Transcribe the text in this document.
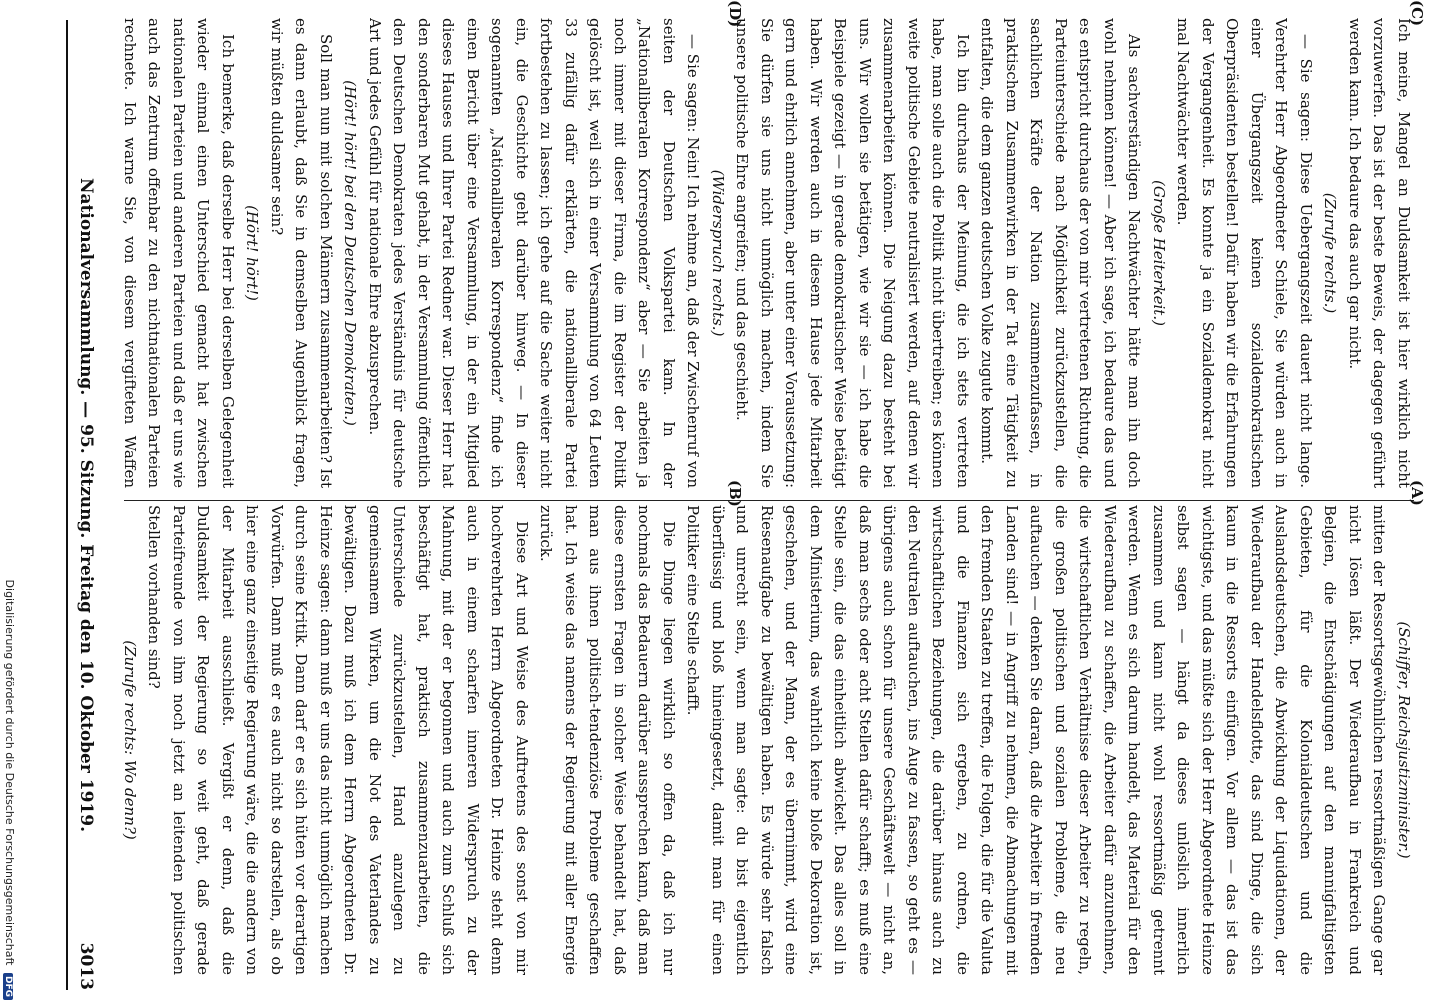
Nationalversammlung. — 95. Sitzung. Freitag den 10. Oktober 1919.
3013
(A)
(B)
(C)
(D)

(Schiffer, Reichsjustizminister.)

mitten der Ressortsgewöhnlichen ressortmäßigen Gange gar nicht lösen läßt. Der Wiederaufbau in Frankreich und Belgien, die Entschädigungen auf den mannigfaltigsten Gebieten, für die Kolonialdeutschen und die Auslandsdeutschen, die Abwicklung der Liquidationen, der Wiederaufbau der Handelsflotte, das sind Dinge, die sich kaum in die Ressorts einfügen. Vor allem — das ist das wichtigste, und das müßte sich der Herr Abgeordnete Heinze selbst sagen — hängt da dieses unlöslich innerlich zusammen und kann nicht wohl ressortmäßig getrennt werden. Wenn es sich darum handelt, das Material für den Wiederaufbau zu schaffen, die Arbeiter dafür anzunehmen, die wirtschaftlichen Verhältnisse dieser Arbeiter zu regeln, die großen politischen und sozialen Probleme, die neu auftauchen — denken Sie daran, daß die Arbeiter in fremden Landen sind! — in Angriff zu nehmen, die Abmachungen mit den fremden Staaten zu treffen, die Folgen, die für die Valuta und die Finanzen sich ergeben, zu ordnen, die wirtschaftlichen Beziehungen, die darüber hinaus auch zu den Neutralen auftauchen, ins Auge zu fassen, so geht es — übrigens auch schon für unsere Geschäftswelt — nicht an, daß man sechs oder acht Stellen dafür schafft; es muß eine Stelle sein, die das einheitlich abwickelt. Das alles soll in dem Ministerium, das wahrlich keine bloße Dekoration ist, geschehen, und der Mann, der es übernimmt, wird eine Riesenaufgabe zu bewältigen haben. Es würde sehr falsch und unrecht sein, wenn man sagte: du bist eigentlich überflüssig und bloß hineingesetzt, damit man für einen Politiker eine Stelle schafft.

Die Dinge liegen wirklich so offen da, daß ich nur nochmals das Bedauern darüber aussprechen kann, daß man diese ernsten Fragen in solcher Weise behandelt hat, daß man aus ihnen politisch-tendenziöse Probleme geschaffen hat. Ich weise das namens der Regierung mit aller Energie zurück.

Diese Art und Weise des Auftretens des sonst von mir hochverehrten Herrn Abgeordneten Dr. Heinze steht denn auch in einem scharfen inneren Widerspruch zu der Mahnung, mit der er begonnen und auch zum Schluß sich beschäftigt hat, praktisch zusammenzuarbeiten, die Unterschiede zurückzustellen, Hand anzulegen zu gemeinsamem Wirken, um die Not des Vaterlandes zu bewältigen. Dazu muß ich dem Herrn Abgeordneten Dr. Heinze sagen: dann muß er uns das nicht unmöglich machen durch seine Kritik. Dann darf er es sich hüten vor derartigen Vorwürfen. Dann muß er es auch nicht so darstellen, als ob hier eine ganz einseitige Regierung wäre, die die andern von der Mitarbeit ausschließt. Vergißt er denn, daß die Duldsamkeit der Regierung so weit geht, daß gerade Parteifreunde von ihm noch jetzt an leitenden politischen Stellen vorhanden sind?

(Zurufe rechts: Wo denn?)

Ich meine, Mangel an Duldsamkeit ist hier wirklich nicht vorzuwerfen. Das ist der beste Beweis, der dagegen geführt werden kann. Ich bedaure das auch gar nicht.

(Zurufe rechts.)

— Sie sagen: Diese Uebergangszeit dauert nicht lange. Verehrter Herr Abgeordneter Schiele, Sie würden auch in einer Übergangszeit keinen sozialdemokratischen Oberpräsidenten bestellen! Dafür haben wir die Erfahrungen der Vergangenheit. Es konnte ja ein Sozialdemokrat nicht mal Nachtwächter werden.

(Große Heiterkeit.)

Als sachverständigen Nachtwächter hätte man ihn doch wohl nehmen können! — Aber ich sage, ich bedaure das und es entspricht durchaus der von mir vertretenen Richtung, die Parteiunterschiede nach Möglichkeit zurückzustellen, die sachlichen Kräfte der Nation zusammenzufassen, in praktischem Zusammenwirken in der Tat eine Tätigkeit zu entfalten, die dem ganzen deutschen Volke zugute kommt.

Ich bin durchaus der Meinung, die ich stets vertreten habe, man solle auch die Politik nicht übertreiben; es können weite politische Gebiete neutralisiert werden, auf denen wir zusammenarbeiten können. Die Neigung dazu besteht bei uns. Wir wollen sie betätigen, wie wir sie — ich habe die Beispiele gezeigt — in gerade demokratischer Weise betätigt haben. Wir werden auch in diesem Hause jede Mitarbeit gern und ehrlich annehmen, aber unter einer Voraussetzung: Sie dürfen sie uns nicht unmöglich machen, indem Sie unsere politische Ehre angreifen; und das geschieht.

(Widerspruch rechts.)

— Sie sagen: Nein! Ich nehme an, daß der Zwischenruf von seiten der Deutschen Volkspartei kam. In der „Nationalliberalen Korrespondenz“ aber — Sie arbeiten ja noch immer mit dieser Firma, die im Register der Politik gelöscht ist, weil sich in einer Versammlung von 64 Leuten 33 zufällig dafür erklärten, die nationalliberale Partei fortbestehen zu lassen; ich gehe auf die Sache weiter nicht ein, die Geschichte geht darüber hinweg. — In dieser sogenannten „Nationalliberalen Korrespondenz“ finde ich einen Bericht über eine Versammlung, in der ein Mitglied dieses Hauses und Ihrer Partei Redner war. Dieser Herr hat den sonderbaren Mut gehabt, in der Versammlung öffentlich den Deutschen Demokraten jedes Verständnis für deutsche Art und jedes Gefühl für nationale Ehre abzusprechen.

(Hört! hört! bei den Deutschen Demokraten.)

Soll man nun mit solchen Männern zusammenarbeiten? Ist es dann erlaubt, daß Sie in demselben Augenblick fragen, wir müßten duldsamer sein?

(Hört! hört!)

Ich bemerke, daß derselbe Herr bei derselben Gelegenheit wieder einmal einen Unterschied gemacht hat zwischen nationalen Parteien und anderen Parteien und daß er uns wie auch das Zentrum offenbar zu den nichtnationalen Parteien rechnete. Ich warne Sie, von diesem vergifteten Waffen

Digitalisierung gefördert durch die Deutsche Forschungsgemeinschaft DFG
